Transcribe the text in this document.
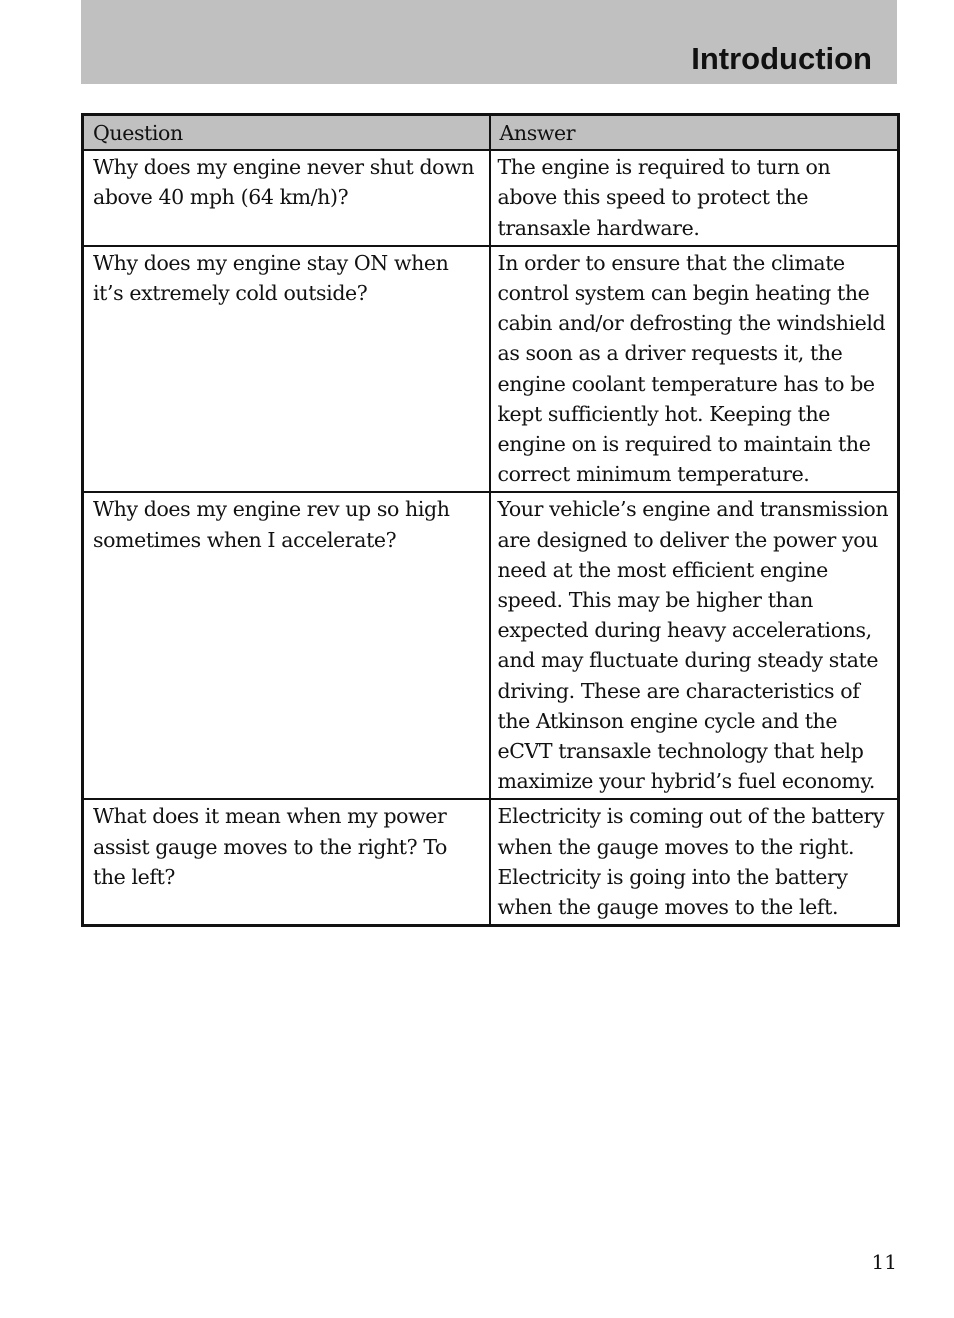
Introduction
Question	Answer
Why does my engine never shut down above 40 mph (64 km/h)?	The engine is required to turn on above this speed to protect the transaxle hardware.
Why does my engine stay ON when it’s extremely cold outside?	In order to ensure that the climate control system can begin heating the cabin and/or defrosting the windshield as soon as a driver requests it, the engine coolant temperature has to be kept sufficiently hot. Keeping the engine on is required to maintain the correct minimum temperature.
Why does my engine rev up so high sometimes when I accelerate?	Your vehicle’s engine and transmission are designed to deliver the power you need at the most efficient engine speed. This may be higher than expected during heavy accelerations, and may fluctuate during steady state driving. These are characteristics of the Atkinson engine cycle and the eCVT transaxle technology that help maximize your hybrid’s fuel economy.
What does it mean when my power assist gauge moves to the right? To the left?	Electricity is coming out of the battery when the gauge moves to the right. Electricity is going into the battery when the gauge moves to the left.
11
